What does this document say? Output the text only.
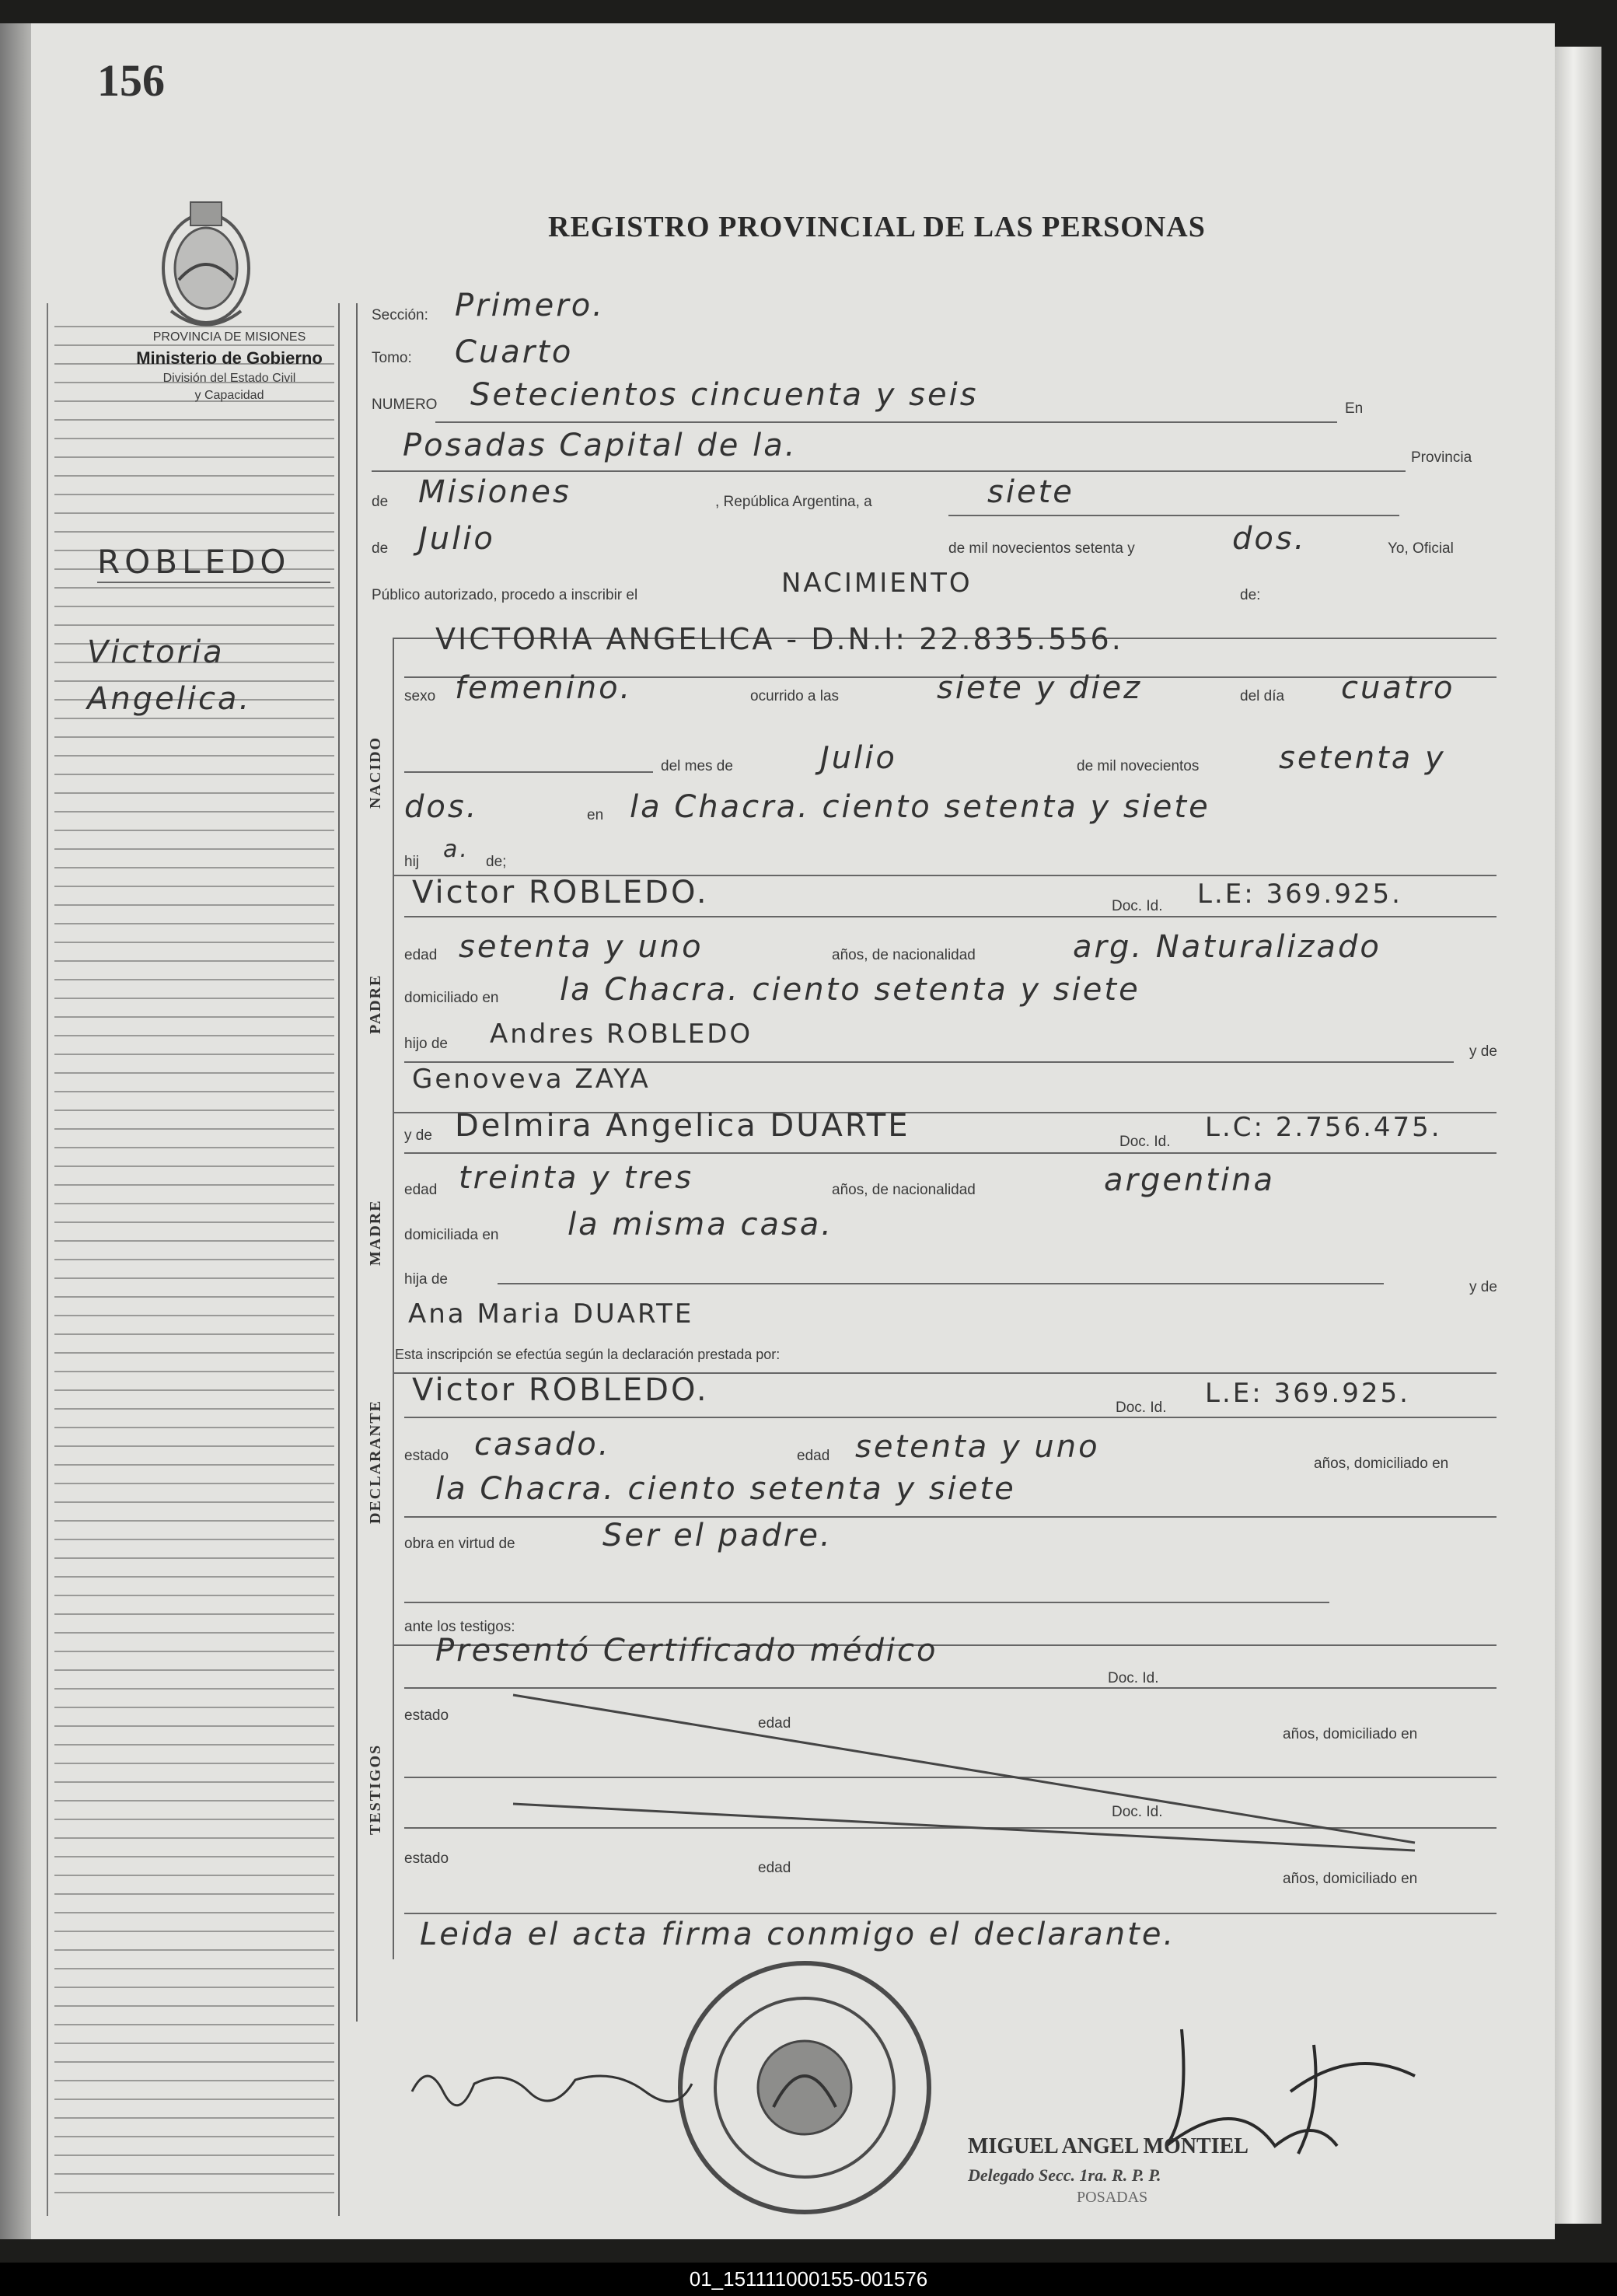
156
PROVINCIA DE MISIONES
Ministerio de Gobierno
División del Estado Civil
y Capacidad
REGISTRO PROVINCIAL DE LAS PERSONAS
ROBLEDO
Victoria
Angelica.
NACIDO
PADRE
MADRE
DECLARANTE
TESTIGOS
Sección: Primero.
Tomo: Cuarto
NUMERO Setecientos cincuenta y seis	En
Posadas Capital de la.	Provincia
de Misiones	, República Argentina, a	siete
de Julio	de mil novecientos setenta y	dos.	Yo, Oficial
Público autorizado, procedo a inscribir el	NACIMIENTO	de:
VICTORIA ANGELICA - D.N.I: 22.835.556.
sexo femenino.	ocurrido a las	siete y diez	del día cuatro
del mes de	Julio	de mil novecientos	setenta y
dos.	en la Chacra. ciento setenta y siete
hij a. de;
Victor ROBLEDO.	Doc. Id. L.E: 369.925.
edad setenta y uno	años, de nacionalidad	arg. Naturalizado
domiciliado en la Chacra. ciento setenta y siete
hijo de Andres ROBLEDO
y de
Genoveva ZAYA
y de Delmira Angelica DUARTE	Doc. Id. L.C: 2.756.475.
edad treinta y tres	años, de nacionalidad	argentina
domiciliada en la misma casa.
hija de	y de
Ana Maria DUARTE
Esta inscripción se efectúa según la declaración prestada por:
Victor ROBLEDO.	Doc. Id. L.E: 369.925.
estado casado.	edad setenta y uno	años, domiciliado en
la Chacra. ciento setenta y siete
obra en virtud de	Ser el padre.
ante los testigos:
Presentó Certificado médico
Doc. Id.
estado	edad
años, domiciliado en
Doc. Id.
estado
edad
años, domiciliado en
Leida el acta firma conmigo el declarante.
MIGUEL ANGEL MONTIEL
Delegado Secc. 1ra. R. P. P.
POSADAS
01_151111000155-001576
